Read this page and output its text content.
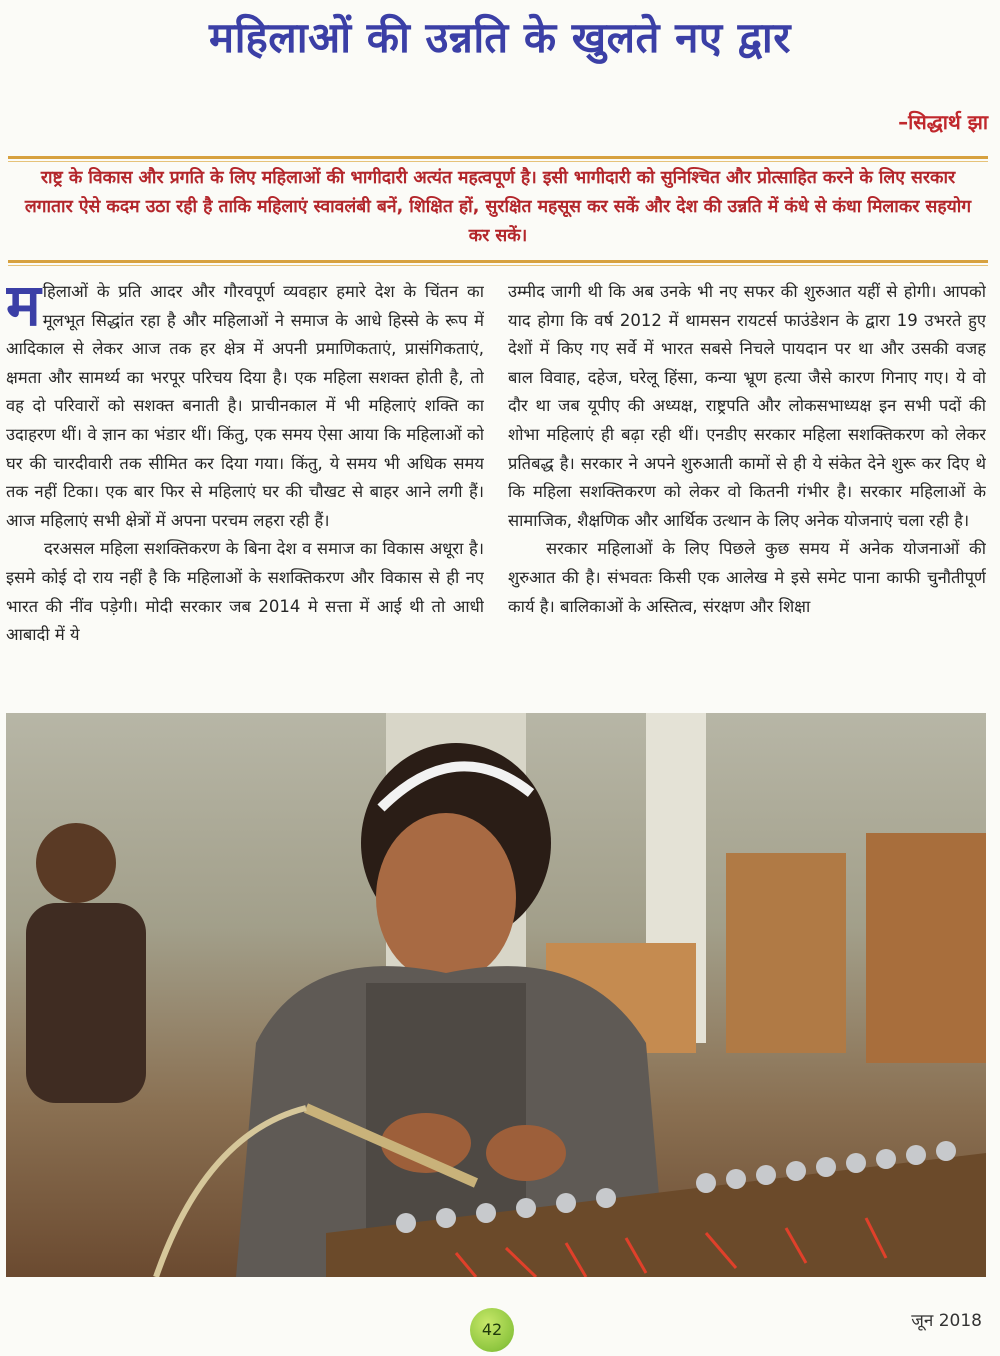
महिलाओं की उन्नति के खुलते नए द्वार
–सिद्धार्थ झा
राष्ट्र के विकास और प्रगति के लिए महिलाओं की भागीदारी अत्यंत महत्वपूर्ण है। इसी भागीदारी को सुनिश्चित और प्रोत्साहित करने के लिए सरकार लगातार ऐसे कदम उठा रही है ताकि महिलाएं स्वावलंबी बनें, शिक्षित हों, सुरक्षित महसूस कर सकें और देश की उन्नति में कंधे से कंधा मिलाकर सहयोग कर सकें।

महिलाओं के प्रति आदर और गौरवपूर्ण व्यवहार हमारे देश के चिंतन का मूलभूत सिद्धांत रहा है और महिलाओं ने समाज के आधे हिस्से के रूप में आदिकाल से लेकर आज तक हर क्षेत्र में अपनी प्रमाणिकताएं, प्रासंगिकताएं, क्षमता और सामर्थ्य का भरपूर परिचय दिया है। एक महिला सशक्त होती है, तो वह दो परिवारों को सशक्त बनाती है। प्राचीनकाल में भी महिलाएं शक्ति का उदाहरण थीं। वे ज्ञान का भंडार थीं। किंतु, एक समय ऐसा आया कि महिलाओं को घर की चारदीवारी तक सीमित कर दिया गया। किंतु, ये समय भी अधिक समय तक नहीं टिका। एक बार फिर से महिलाएं घर की चौखट से बाहर आने लगी हैं। आज महिलाएं सभी क्षेत्रों में अपना परचम लहरा रही हैं।

दरअसल महिला सशक्तिकरण के बिना देश व समाज का विकास अधूरा है। इसमे कोई दो राय नहीं है कि महिलाओं के सशक्तिकरण और विकास से ही नए भारत की नींव पड़ेगी। मोदी सरकार जब 2014 मे सत्ता में आई थी तो आधी आबादी में ये

उम्मीद जागी थी कि अब उनके भी नए सफर की शुरुआत यहीं से होगी। आपको याद होगा कि वर्ष 2012 में थामसन रायटर्स फाउंडेशन के द्वारा 19 उभरते हुए देशों में किए गए सर्वे में भारत सबसे निचले पायदान पर था और उसकी वजह बाल विवाह, दहेज, घरेलू हिंसा, कन्या भ्रूण हत्या जैसे कारण गिनाए गए। ये वो दौर था जब यूपीए की अध्यक्ष, राष्ट्रपति और लोकसभाध्यक्ष इन सभी पदों की शोभा महिलाएं ही बढ़ा रही थीं। एनडीए सरकार महिला सशक्तिकरण को लेकर प्रतिबद्ध है। सरकार ने अपने शुरुआती कामों से ही ये संकेत देने शुरू कर दिए थे कि महिला सशक्तिकरण को लेकर वो कितनी गंभीर है। सरकार महिलाओं के सामाजिक, शैक्षणिक और आर्थिक उत्थान के लिए अनेक योजनाएं चला रही है।

सरकार महिलाओं के लिए पिछले कुछ समय में अनेक योजनाओं की शुरुआत की है। संभवतः किसी एक आलेख मे इसे समेट पाना काफी चुनौतीपूर्ण कार्य है। बालिकाओं के अस्तित्व, संरक्षण और शिक्षा

42	जून 2018
